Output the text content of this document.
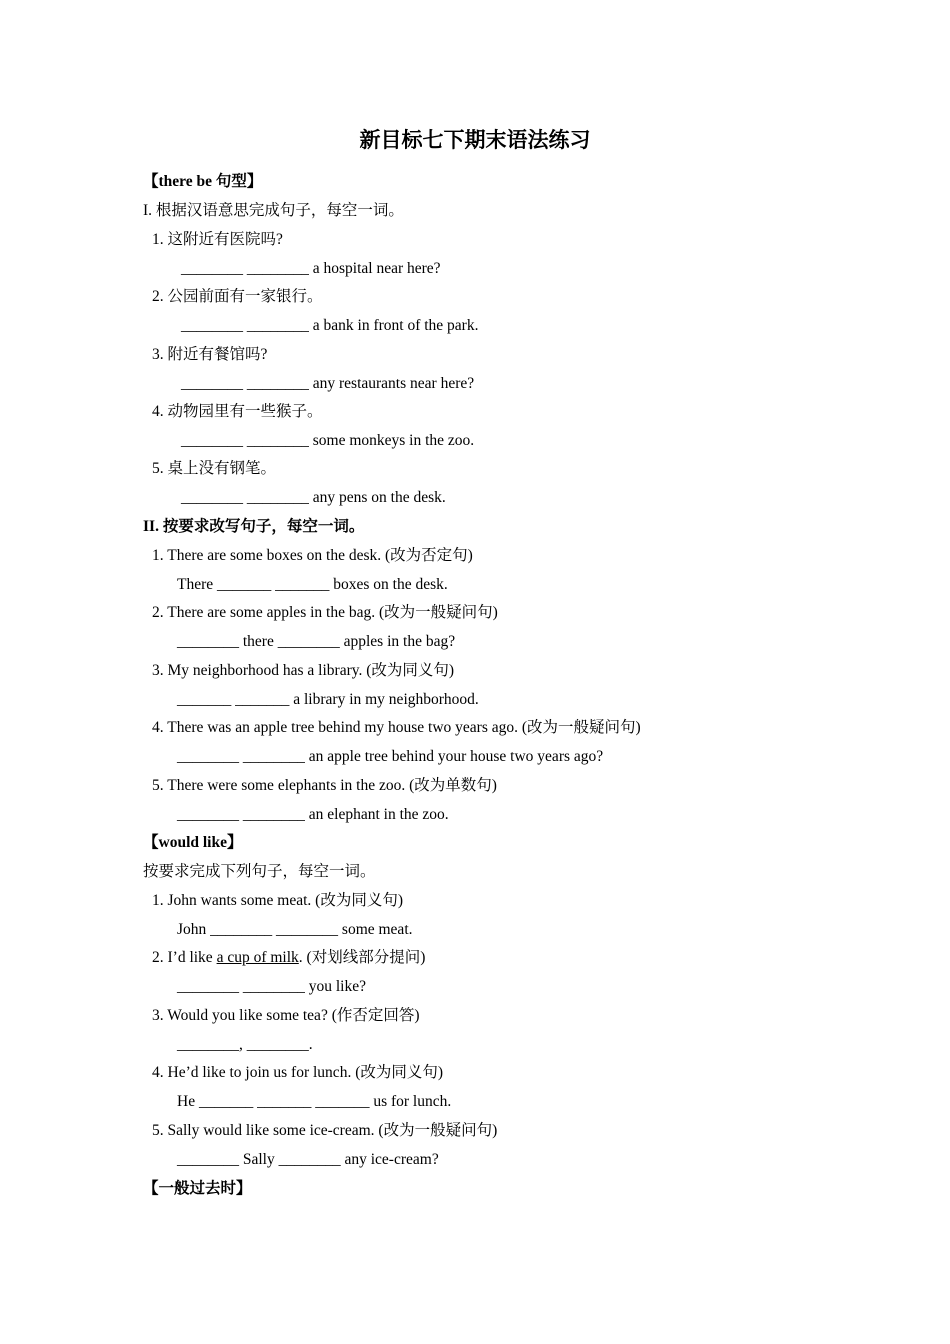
新目标七下期末语法练习
【there be 句型】
I. 根据汉语意思完成句子，每空一词。
1. 这附近有医院吗?
________ ________ a hospital near here?
2. 公园前面有一家银行。
________ ________ a bank in front of the park.
3. 附近有餐馆吗?
________ ________ any restaurants near here?
4. 动物园里有一些猴子。
________ ________ some monkeys in the zoo.
5. 桌上没有钢笔。
________ ________ any pens on the desk.
II. 按要求改写句子，每空一词。
1. There are some boxes on the desk. (改为否定句)
There _______ _______ boxes on the desk.
2. There are some apples in the bag. (改为一般疑问句)
________ there ________ apples in the bag?
3. My neighborhood has a library. (改为同义句)
_______ _______ a library in my neighborhood.
4. There was an apple tree behind my house two years ago. (改为一般疑问句)
________ ________ an apple tree behind your house two years ago?
5. There were some elephants in the zoo. (改为单数句)
________ ________ an elephant in the zoo.
【would like】
按要求完成下列句子，每空一词。
1. John wants some meat. (改为同义句)
John ________ ________ some meat.
2. I’d like a cup of milk. (对划线部分提问)
________ ________ you like?
3. Would you like some tea? (作否定回答)
________, ________.
4. He’d like to join us for lunch. (改为同义句)
He _______ _______ _______ us for lunch.
5. Sally would like some ice-cream. (改为一般疑问句)
________ Sally ________ any ice-cream?
【一般过去时】
